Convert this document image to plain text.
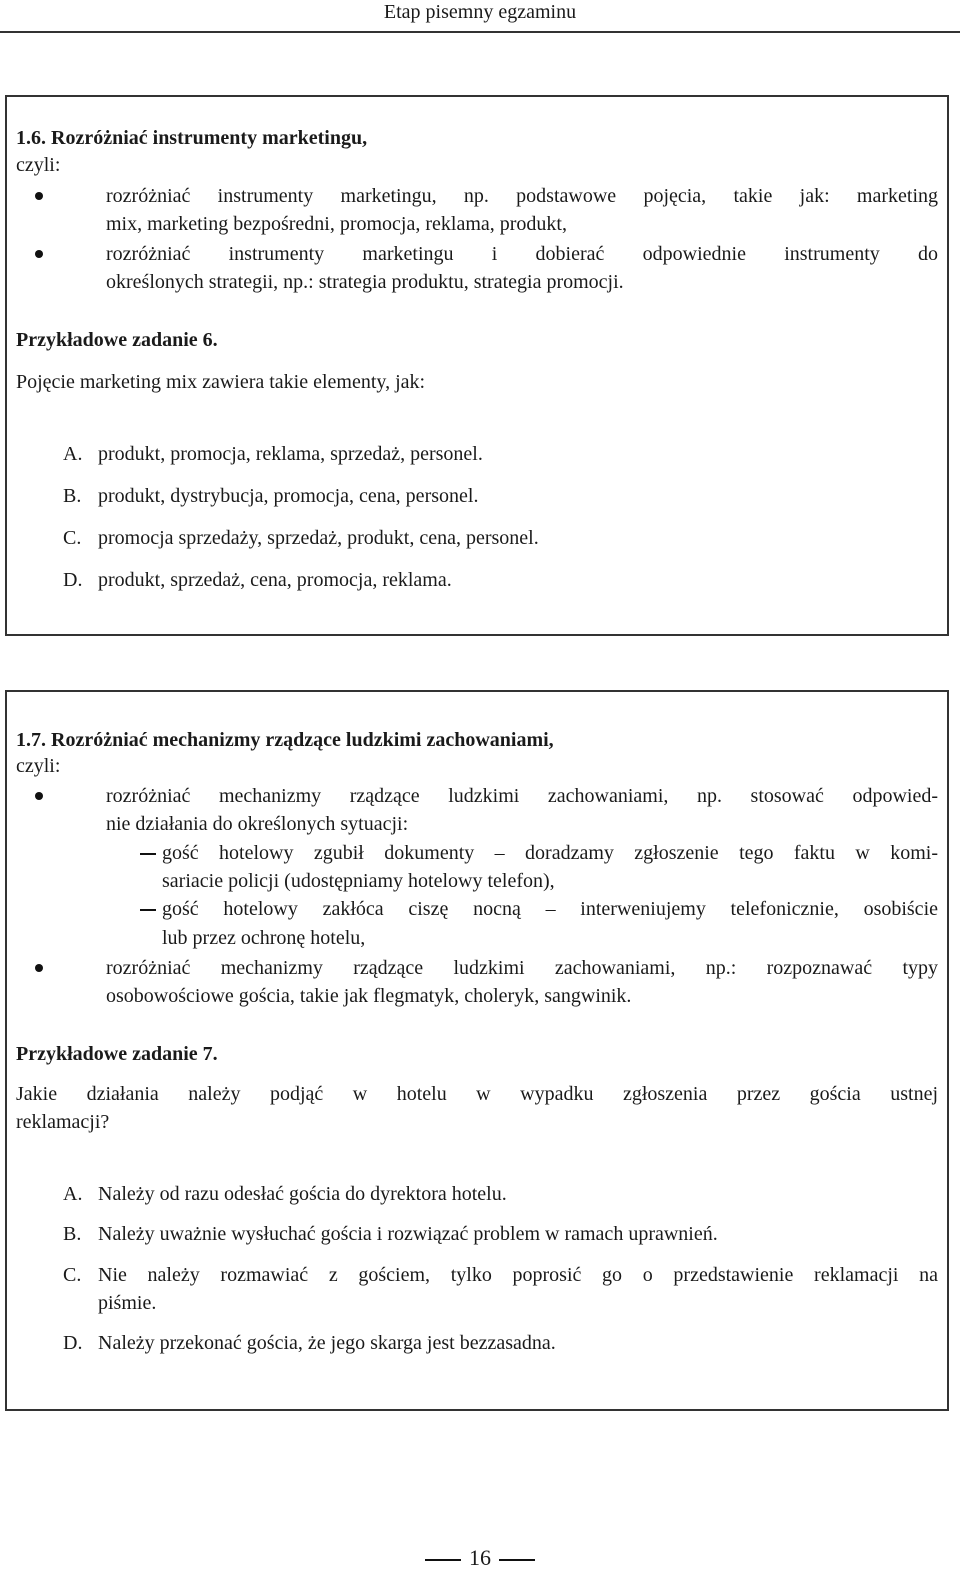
Etap pisemny egzaminu
1.6. Rozróżniać instrumenty marketingu,
czyli:
rozróżniać instrumenty marketingu, np. podstawowe pojęcia, takie jak: marketing
mix, marketing bezpośredni, promocja, reklama, produkt,
rozróżniać instrumenty marketingu i dobierać odpowiednie instrumenty do
określonych strategii, np.: strategia produktu, strategia promocji.
Przykładowe zadanie 6.
Pojęcie marketing mix zawiera takie elementy, jak:
A. produkt, promocja, reklama, sprzedaż, personel.
B. produkt, dystrybucja, promocja, cena, personel.
C. promocja sprzedaży, sprzedaż, produkt, cena, personel.
D. produkt, sprzedaż, cena, promocja, reklama.
1.7. Rozróżniać mechanizmy rządzące ludzkimi zachowaniami,
czyli:
rozróżniać mechanizmy rządzące ludzkimi zachowaniami, np. stosować odpowied-
nie działania do określonych sytuacji:
gość hotelowy zgubił dokumenty – doradzamy zgłoszenie tego faktu w komi-
sariacie policji (udostępniamy hotelowy telefon),
gość hotelowy zakłóca ciszę nocną – interweniujemy telefonicznie, osobiście
lub przez ochronę hotelu,
rozróżniać mechanizmy rządzące ludzkimi zachowaniami, np.: rozpoznawać typy
osobowościowe gościa, takie jak flegmatyk, choleryk, sangwinik.
Przykładowe zadanie 7.
Jakie działania należy podjąć w hotelu w wypadku zgłoszenia przez gościa ustnej
reklamacji?
A. Należy od razu odesłać gościa do dyrektora hotelu.
B. Należy uważnie wysłuchać gościa i rozwiązać problem w ramach uprawnień.
C. Nie należy rozmawiać z gościem, tylko poprosić go o przedstawienie reklamacji na
piśmie.
D. Należy przekonać gościa, że jego skarga jest bezzasadna.
16
